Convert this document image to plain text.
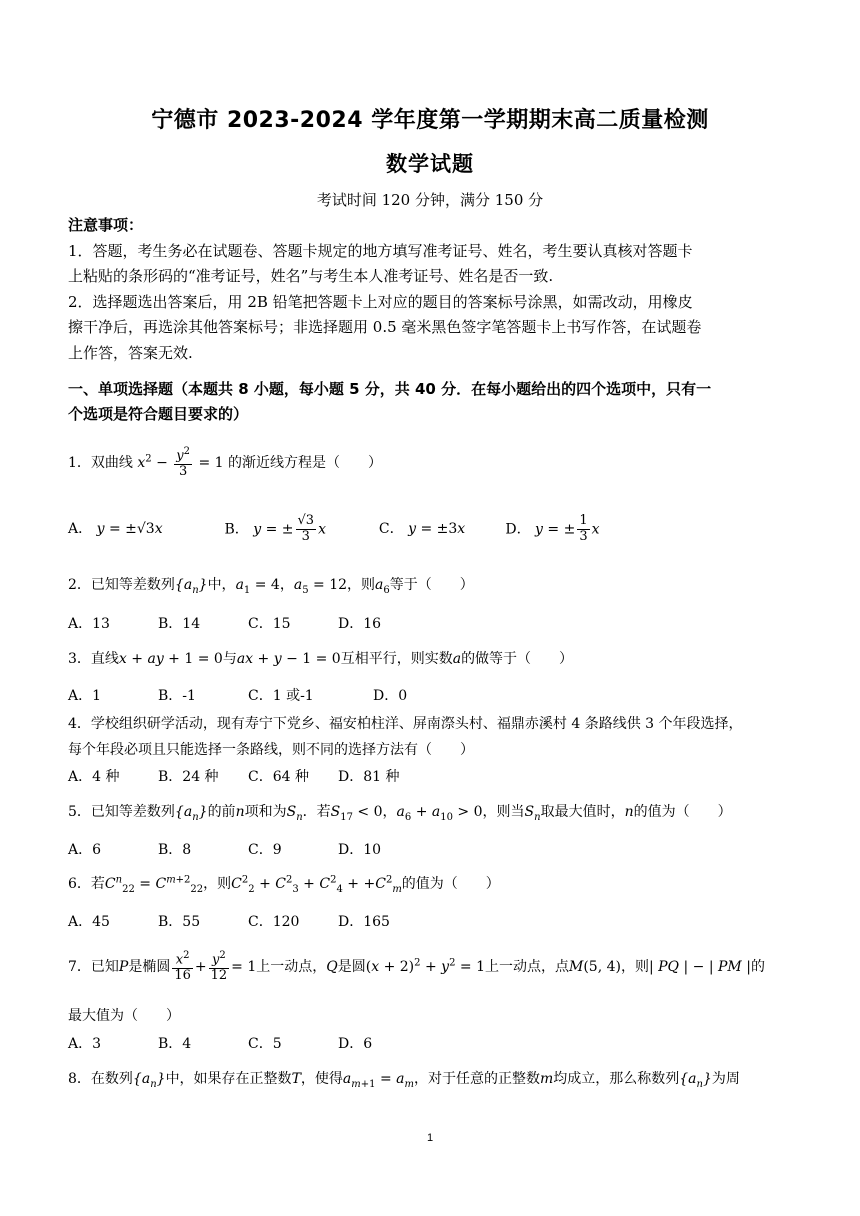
宁德市 2023-2024 学年度第一学期期末高二质量检测
数学试题
考试时间 120 分钟，满分 150 分
注意事项：
1．答题，考生务必在试题卷、答题卡规定的地方填写准考证号、姓名，考生要认真核对答题卡
上粘贴的条形码的“准考证号，姓名”与考生本人准考证号、姓名是否一致.
2．选择题选出答案后，用 2B 铅笔把答题卡上对应的题目的答案标号涂黑，如需改动，用橡皮
擦干净后，再选涂其他答案标号；非选择题用 0.5 毫米黑色签字笔答题卡上书写作答，在试题卷
上作答，答案无效.
一、单项选择题（本题共 8 小题，每小题 5 分，共 40 分．在每小题给出的四个选项中，只有一
个选项是符合题目要求的）
1．双曲线 $x^2 - \frac{y^2}{3} = 1$ 的渐近线方程是（　　）
A． y = ±√3x	B． y = ± $\frac{√3}{3}$ x	C． y = ±3x	D． y = ± $\frac{1}{3}$ x
2．已知等差数列$\{a_n\}$中，$a_1 = 4$，$a_5 = 12$，则$a_6$等于（　　）
A．13	B．14	C．15	D．16
3．直线x + ay + 1 = 0与ax + y − 1 = 0互相平行，则实数a的做等于（　　）
A．1	B．-1	C．1 或-1	D．0
4．学校组织研学活动，现有寿宁下党乡、福安柏柱洋、屏南漈头村、福鼎赤溪村 4 条路线供 3 个年段选择，
每个年段必项且只能选择一条路线，则不同的选择方法有（　　）
A．4 种	B．24 种 C．64 种 D．81 种
5．已知等差数列$\{a_n\}$的前n项和为$S_n$．若$S_{17} < 0$，$a_6 + a_{10} > 0$，则当$S_n$取最大值时，n的值为（　　）
A．6	B．8	C．9	D．10
6．若$C^n_{22} = C^{m+2}_{22}$，则$C^2_2 + C^2_3 + C^2_4 + +C^2_m$的值为（　　）
A．45	B．55	C．120	D．165
7．已知P是椭圆 $\frac{x^2}{16} + \frac{y^2}{12} = 1$上一动点，Q是圆$(x + 2)^2 + y^2 = 1$上一动点，点M(5, 4)，则| PQ | − | PM |的
最大值为（　　）
A．3	B．4	C．5	D．6
8．在数列$\{a_n\}$中，如果存在正整数T，使得$a_{m+1} = a_m$，对于任意的正整数m均成立，那么称数列$\{a_n\}$为周
1
